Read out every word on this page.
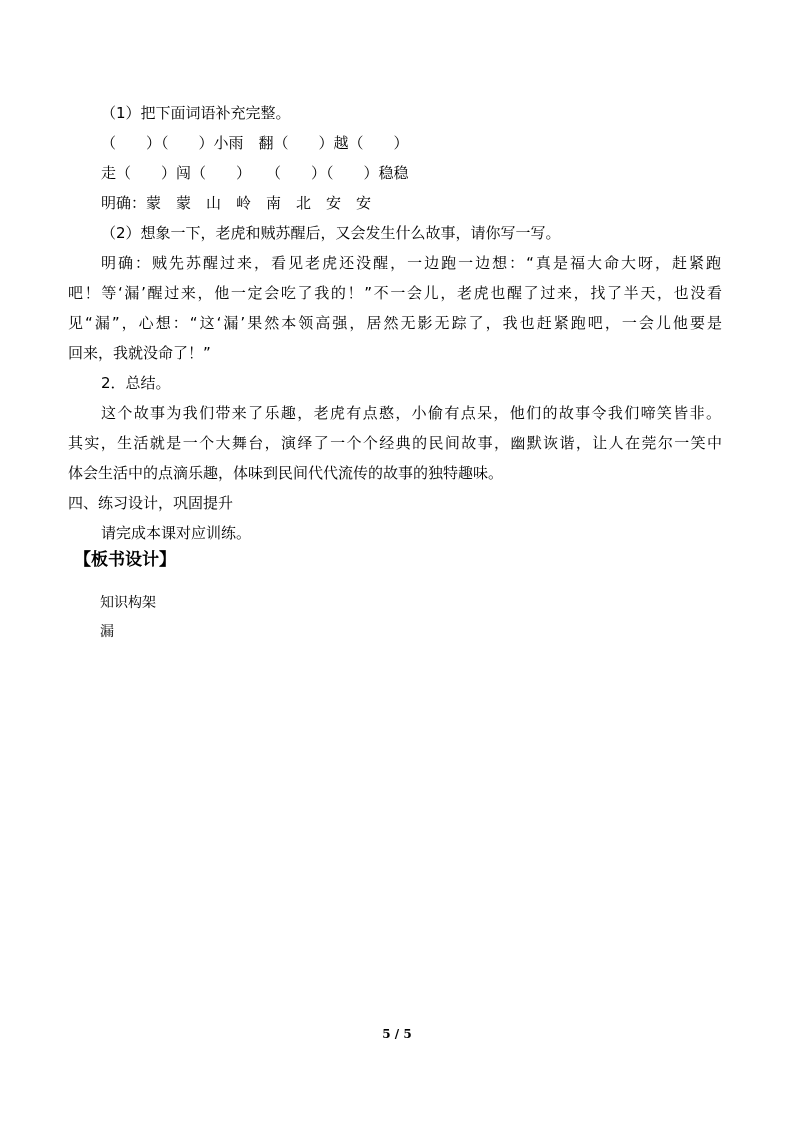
（1）把下面词语补充完整。
（　　）（　　）小雨　翻（　　）越（　　）
走（　　）闯（　　）　　（　　）（　　）稳稳
明确：蒙　蒙　山　岭　南　北　安　安
（2）想象一下，老虎和贼苏醒后，又会发生什么故事，请你写一写。
明确：贼先苏醒过来，看见老虎还没醒，一边跑一边想：“真是福大命大呀，赶紧跑
吧！等‘漏’醒过来，他一定会吃了我的！”不一会儿，老虎也醒了过来，找了半天，也没看
见“漏”，心想：“这‘漏’果然本领高强，居然无影无踪了，我也赶紧跑吧，一会儿他要是
回来，我就没命了！”
2．总结。
这个故事为我们带来了乐趣，老虎有点憨，小偷有点呆，他们的故事令我们啼笑皆非。
其实，生活就是一个大舞台，演绎了一个个经典的民间故事，幽默诙谐，让人在莞尔一笑中
体会生活中的点滴乐趣，体味到民间代代流传的故事的独特趣味。
四、练习设计，巩固提升
请完成本课对应训练。
【板书设计】
知识构架
漏
5 / 5
